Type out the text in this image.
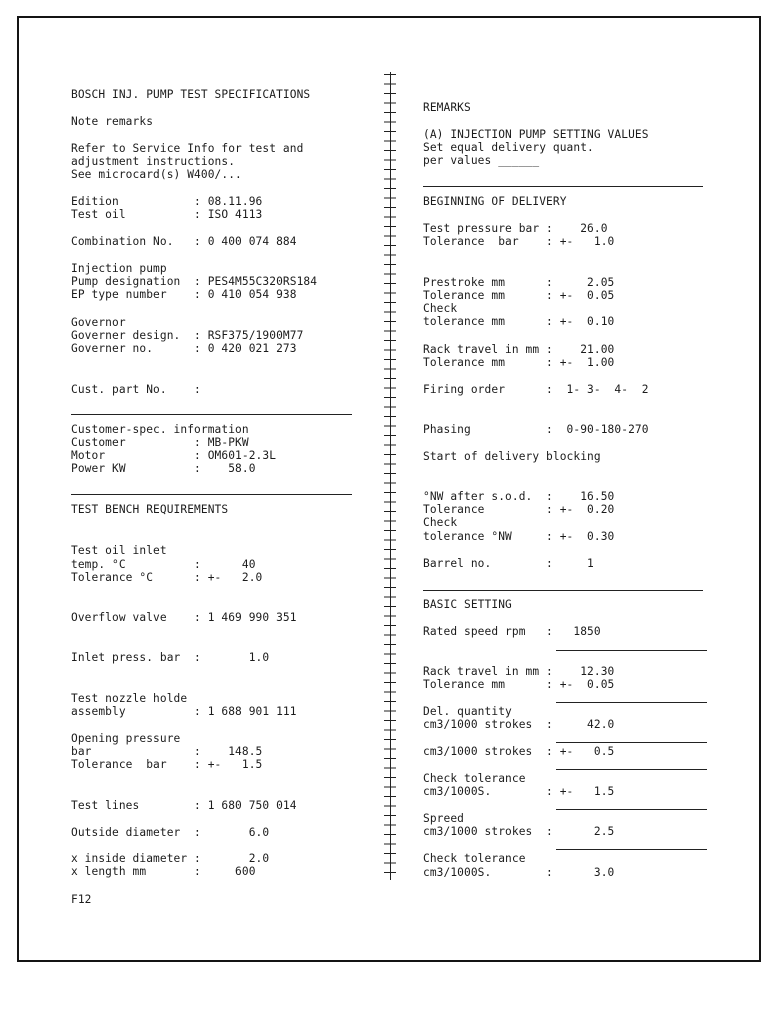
BOSCH INJ. PUMP TEST SPECIFICATIONS
Note remarks
Refer to Service Info for test and
adjustment instructions.
See microcard(s) W400/...
Edition           : 08.11.96
Test oil          : ISO 4113
Combination No.   : 0 400 074 884
Injection pump
Pump designation  : PES4M55C320RS184
EP type number    : 0 410 054 938
Governor
Governer design.  : RSF375/1900M77
Governer no.      : 0 420 021 273
Cust. part No.    :
Customer-spec. information
Customer          : MB-PKW
Motor             : OM601-2.3L
Power KW          :    58.0
TEST BENCH REQUIREMENTS
Test oil inlet
temp. °C          :      40
Tolerance °C      : +-   2.0
Overflow valve    : 1 469 990 351
Inlet press. bar  :       1.0
Test nozzle holde
assembly          : 1 688 901 111
Opening pressure
bar               :    148.5
Tolerance  bar    : +-   1.5
Test lines        : 1 680 750 014
Outside diameter  :       6.0
x inside diameter :       2.0
x length mm       :     600
F12
REMARKS
(A) INJECTION PUMP SETTING VALUES
Set equal delivery quant.
per values ______
BEGINNING OF DELIVERY
Test pressure bar :    26.0
Tolerance  bar    : +-   1.0
Prestroke mm      :     2.05
Tolerance mm      : +-  0.05
Check
tolerance mm      : +-  0.10
Rack travel in mm :    21.00
Tolerance mm      : +-  1.00
Firing order      :  1- 3-  4-  2
Phasing           :  0-90-180-270
Start of delivery blocking
°NW after s.o.d.  :    16.50
Tolerance         : +-  0.20
Check
tolerance °NW     : +-  0.30
Barrel no.        :     1
BASIC SETTING
Rated speed rpm   :   1850
Rack travel in mm :    12.30
Tolerance mm      : +-  0.05
Del. quantity
cm3/1000 strokes  :     42.0
cm3/1000 strokes  : +-   0.5
Check tolerance
cm3/1000S.        : +-   1.5
Spreed
cm3/1000 strokes  :      2.5
Check tolerance
cm3/1000S.        :      3.0
